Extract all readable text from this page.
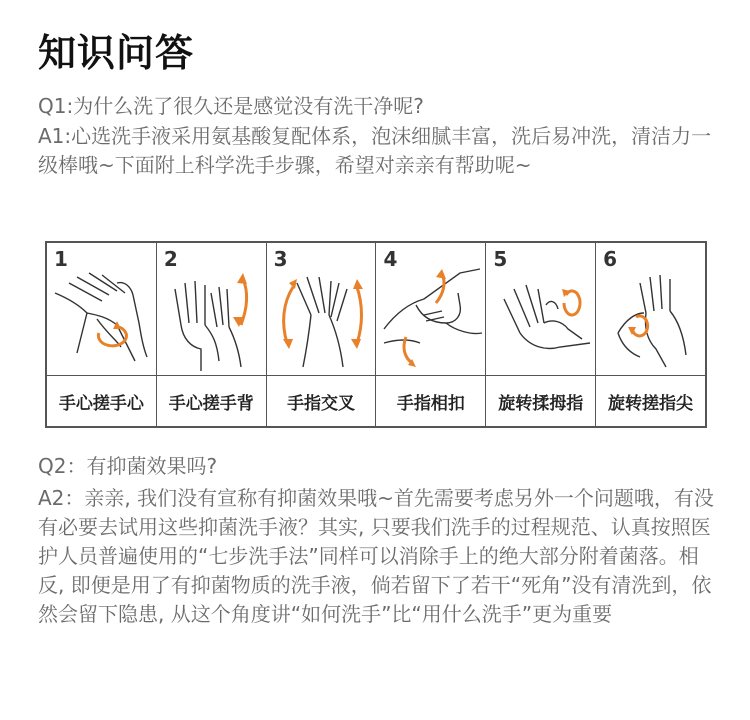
知识问答
Q1:为什么洗了很久还是感觉没有洗干净呢?
A1:心选洗手液采用氨基酸复配体系，泡沫细腻丰富，洗后易冲洗，清洁力一级棒哦~下面附上科学洗手步骤，希望对亲亲有帮助呢~
1
手心搓手心
2
手心搓手背
3
手指交叉
4
手指相扣
5
旋转揉拇指
6
旋转搓指尖
Q2：有抑菌效果吗?
A2：亲亲, 我们没有宣称有抑菌效果哦~首先需要考虑另外一个问题哦，有没有必要去试用这些抑菌洗手液？其实, 只要我们洗手的过程规范、认真按照医护人员普遍使用的“七步洗手法”同样可以消除手上的绝大部分附着菌落。相反, 即便是用了有抑菌物质的洗手液，倘若留下了若干“死角”没有清洗到，依然会留下隐患, 从这个角度讲“如何洗手”比“用什么洗手”更为重要
